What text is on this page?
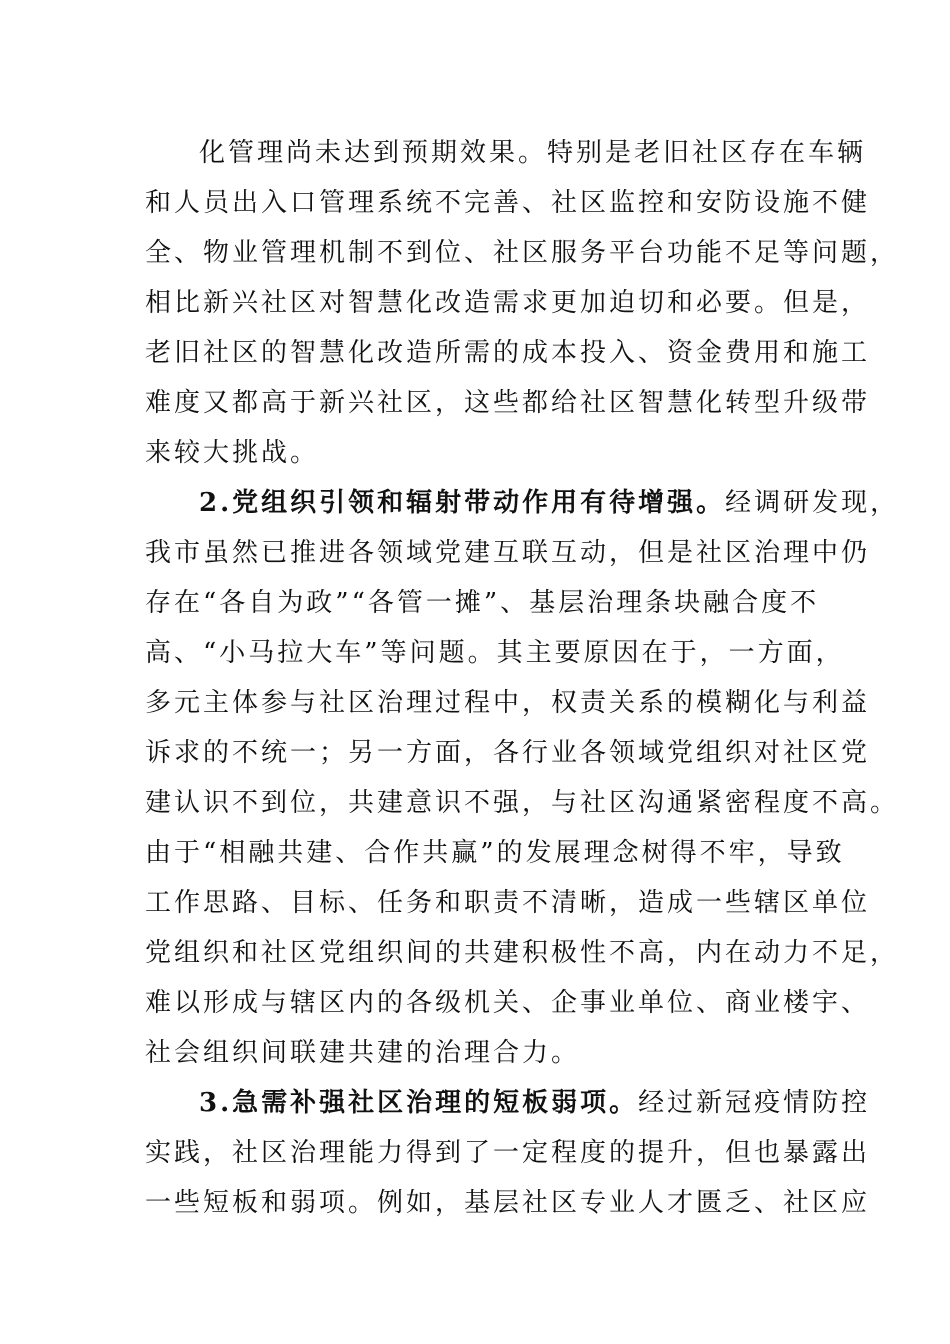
化管理尚未达到预期效果。特别是老旧社区存在车辆
和人员出入口管理系统不完善、社区监控和安防设施不健
全、物业管理机制不到位、社区服务平台功能不足等问题，
相比新兴社区对智慧化改造需求更加迫切和必要。但是，
老旧社区的智慧化改造所需的成本投入、资金费用和施工
难度又都高于新兴社区，这些都给社区智慧化转型升级带
来较大挑战。
2.党组织引领和辐射带动作用有待增强。经调研发现，
我市虽然已推进各领域党建互联互动，但是社区治理中仍
存在“各自为政”“各管一摊”、基层治理条块融合度不
高、“小马拉大车”等问题。其主要原因在于，一方面，
多元主体参与社区治理过程中，权责关系的模糊化与利益
诉求的不统一；另一方面，各行业各领域党组织对社区党
建认识不到位，共建意识不强，与社区沟通紧密程度不高。
由于“相融共建、合作共赢”的发展理念树得不牢，导致
工作思路、目标、任务和职责不清晰，造成一些辖区单位
党组织和社区党组织间的共建积极性不高，内在动力不足，
难以形成与辖区内的各级机关、企事业单位、商业楼宇、
社会组织间联建共建的治理合力。
3.急需补强社区治理的短板弱项。经过新冠疫情防控
实践，社区治理能力得到了一定程度的提升，但也暴露出
一些短板和弱项。例如，基层社区专业人才匮乏、社区应
